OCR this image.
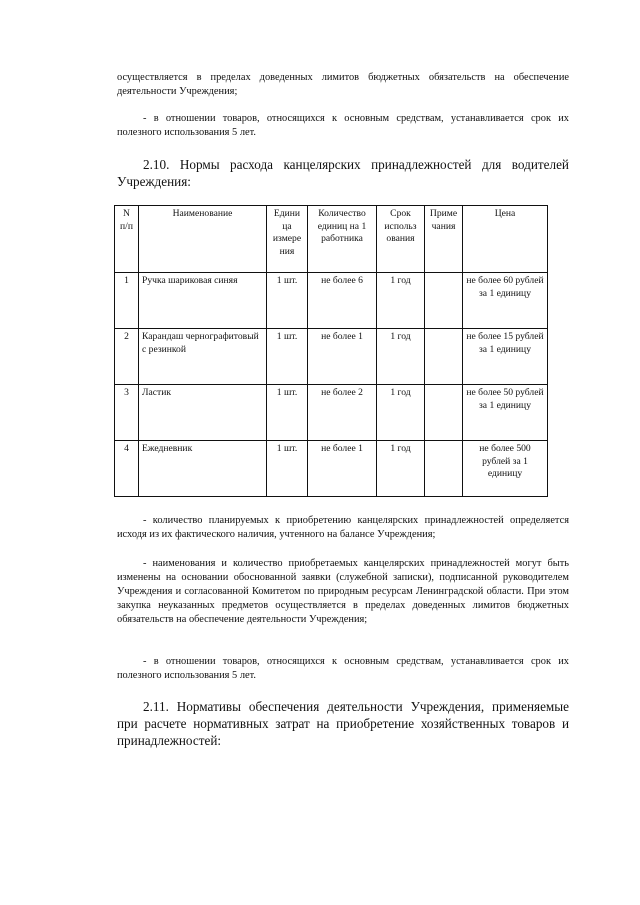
осуществляется в пределах доведенных лимитов бюджетных обязательств на обеспечение деятельности Учреждения;
- в отношении товаров, относящихся к основным средствам, устанавливается срок их полезного использования 5 лет.
2.10. Нормы расхода канцелярских принадлежностей для водителей Учреждения:
N п/п	Наименование	Едини ца измере ния	Количество единиц на 1 работника	Срок использ ования	Приме чания	Цена
1	Ручка шариковая синяя	1 шт.	не более 6	1 год		не более 60 рублей за 1 единицу
2	Карандаш чернографитовый с резинкой	1 шт.	не более 1	1 год		не более 15 рублей за 1 единицу
3	Ластик	1 шт.	не более 2	1 год		не более 50 рублей за 1 единицу
4	Ежедневник	1 шт.	не более 1	1 год		не более 500 рублей за 1 единицу
- количество планируемых к приобретению канцелярских принадлежностей определяется исходя из их фактического наличия, учтенного на балансе Учреждения;
- наименования и количество приобретаемых канцелярских принадлежностей могут быть изменены на основании обоснованной заявки (служебной записки), подписанной руководителем Учреждения и согласованной Комитетом по природным ресурсам Ленинградской области. При этом закупка неуказанных предметов осуществляется в пределах доведенных лимитов бюджетных обязательств на обеспечение деятельности Учреждения;
- в отношении товаров, относящихся к основным средствам, устанавливается срок их полезного использования 5 лет.
2.11. Нормативы обеспечения деятельности Учреждения, применяемые при расчете нормативных затрат на приобретение хозяйственных товаров и принадлежностей:
